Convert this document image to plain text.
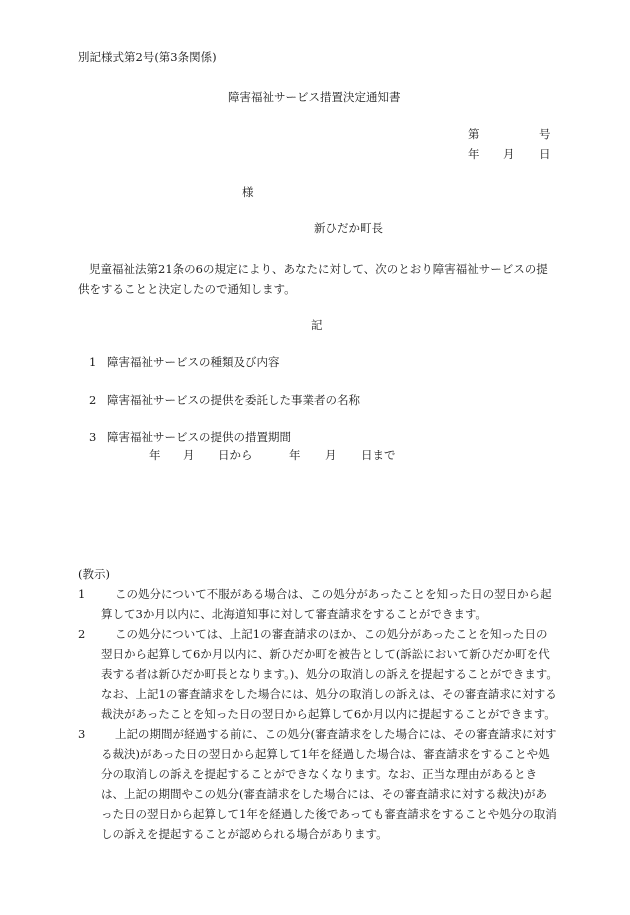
別記様式第2号(第3条関係)
障害福祉サービス措置決定通知書
第	号
年 月 日
様
新ひだか町長
児童福祉法第21条の6の規定により、あなたに対して、次のとおり障害福祉サービスの提供をすることと決定したので通知します。
記
1 障害福祉サービスの種類及び内容
2 障害福祉サービスの提供を委託した事業者の名称
3 障害福祉サービスの提供の措置期間
年 月 日から	年 月 日まで
(教示)
1	この処分について不服がある場合は、この処分があったことを知った日の翌日から起算して3か月以内に、北海道知事に対して審査請求をすることができます。
2	この処分については、上記1の審査請求のほか、この処分があったことを知った日の翌日から起算して6か月以内に、新ひだか町を被告として(訴訟において新ひだか町を代表する者は新ひだか町長となります。)、処分の取消しの訴えを提起することができます。なお、上記1の審査請求をした場合には、処分の取消しの訴えは、その審査請求に対する裁決があったことを知った日の翌日から起算して6か月以内に提起することができます。
3	上記の期間が経過する前に、この処分(審査請求をした場合には、その審査請求に対する裁決)があった日の翌日から起算して1年を経過した場合は、審査請求をすることや処分の取消しの訴えを提起することができなくなります。なお、正当な理由があるときは、上記の期間やこの処分(審査請求をした場合には、その審査請求に対する裁決)があった日の翌日から起算して1年を経過した後であっても審査請求をすることや処分の取消しの訴えを提起することが認められる場合があります。
